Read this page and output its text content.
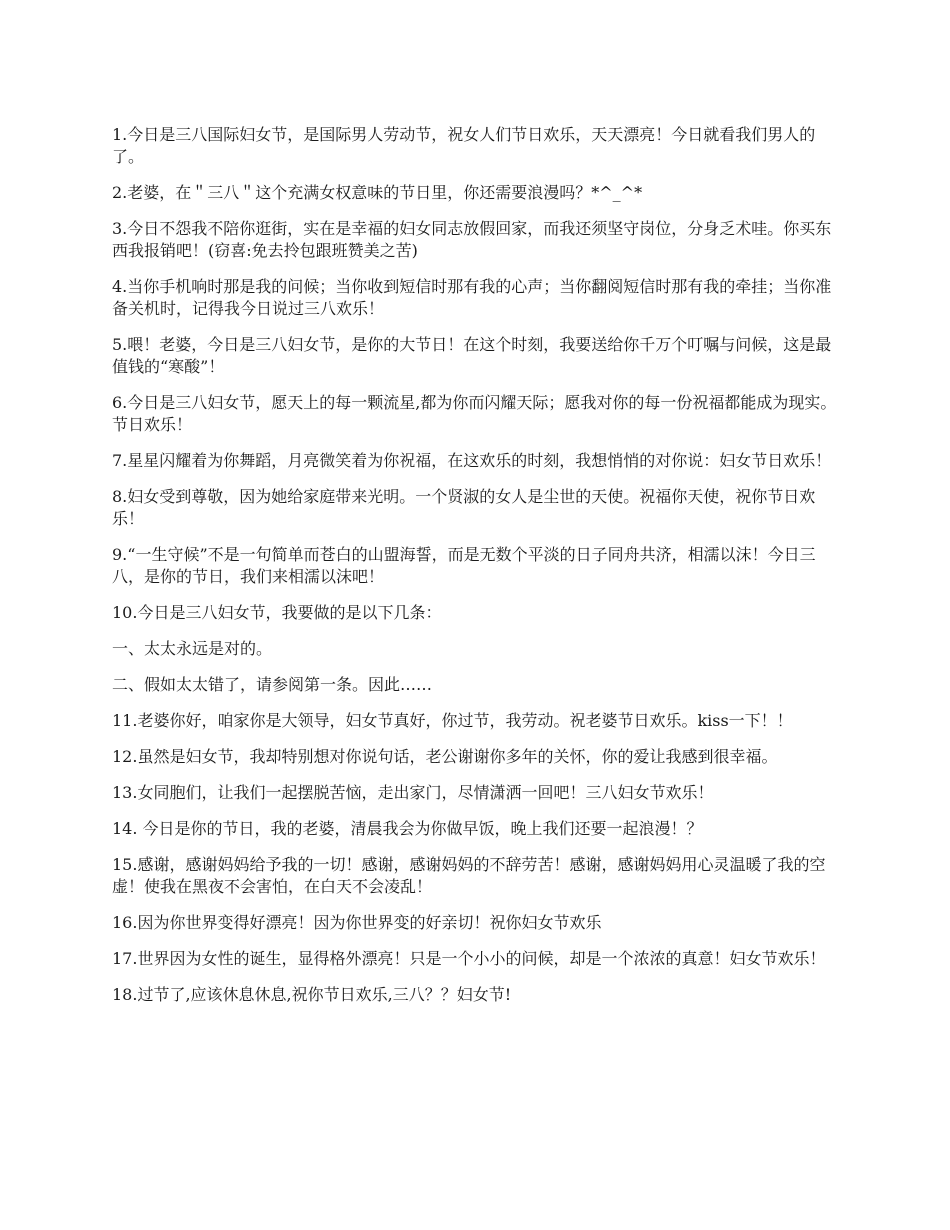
1.今日是三八国际妇女节，是国际男人劳动节，祝女人们节日欢乐，天天漂亮！今日就看我们男人的了。

2.老婆，在＂三八＂这个充满女权意味的节日里，你还需要浪漫吗？*^_^*

3.今日不怨我不陪你逛街，实在是幸福的妇女同志放假回家，而我还须坚守岗位，分身乏术哇。你买东西我报销吧！(窃喜:免去拎包跟班赞美之苦)

4.当你手机响时那是我的问候；当你收到短信时那有我的心声；当你翻阅短信时那有我的牵挂；当你准备关机时，记得我今日说过三八欢乐！

5.喂！老婆，今日是三八妇女节，是你的大节日！在这个时刻，我要送给你千万个叮嘱与问候，这是最值钱的“寒酸”！

6.今日是三八妇女节，愿天上的每一颗流星,都为你而闪耀天际；愿我对你的每一份祝福都能成为现实。节日欢乐！

7.星星闪耀着为你舞蹈，月亮微笑着为你祝福，在这欢乐的时刻，我想悄悄的对你说：妇女节日欢乐！

8.妇女受到尊敬，因为她给家庭带来光明。一个贤淑的女人是尘世的天使。祝福你天使，祝你节日欢乐！

9.“一生守候”不是一句简单而苍白的山盟海誓，而是无数个平淡的日子同舟共济，相濡以沫！今日三八，是你的节日，我们来相濡以沫吧！

10.今日是三八妇女节，我要做的是以下几条：

一、太太永远是对的。

二、假如太太错了，请参阅第一条。因此……

11.老婆你好，咱家你是大领导，妇女节真好，你过节，我劳动。祝老婆节日欢乐。kiss一下！！

12.虽然是妇女节，我却特别想对你说句话，老公谢谢你多年的关怀，你的爱让我感到很幸福。

13.女同胞们，让我们一起摆脱苦恼，走出家门，尽情潇洒一回吧！三八妇女节欢乐！

14. 今日是你的节日，我的老婆，清晨我会为你做早饭，晚上我们还要一起浪漫！？

15.感谢，感谢妈妈给予我的一切！感谢，感谢妈妈的不辞劳苦！感谢，感谢妈妈用心灵温暖了我的空虚！使我在黑夜不会害怕，在白天不会凌乱！

16.因为你世界变得好漂亮！因为你世界变的好亲切！祝你妇女节欢乐

17.世界因为女性的诞生，显得格外漂亮！只是一个小小的问候，却是一个浓浓的真意！妇女节欢乐！

18.过节了,应该休息休息,祝你节日欢乐,三八？？妇女节!
